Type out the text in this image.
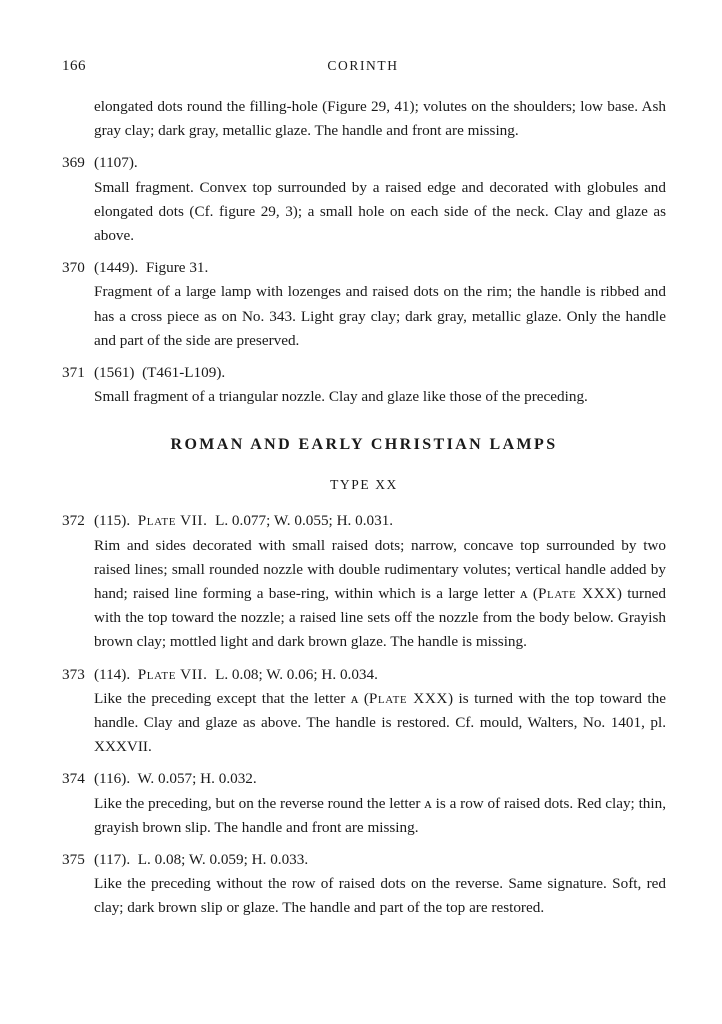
166	CORINTH

elongated dots round the filling-hole (Figure 29, 41); volutes on the shoulders; low base. Ash gray clay; dark gray, metallic glaze. The handle and front are missing.

369 (1107).

Small fragment. Convex top surrounded by a raised edge and decorated with globules and elongated dots (Cf. figure 29, 3); a small hole on each side of the neck. Clay and glaze as above.

370 (1449).  Figure 31.

Fragment of a large lamp with lozenges and raised dots on the rim; the handle is ribbed and has a cross piece as on No. 343. Light gray clay; dark gray, metallic glaze. Only the handle and part of the side are preserved.

371 (1561)  (T461-L109).

Small fragment of a triangular nozzle. Clay and glaze like those of the preceding.

ROMAN AND EARLY CHRISTIAN LAMPS
TYPE XX
372 (115).  Plate VII.  L. 0.077; W. 0.055; H. 0.031.

Rim and sides decorated with small raised dots; narrow, concave top surrounded by two raised lines; small rounded nozzle with double rudimentary volutes; vertical handle added by hand; raised line forming a base-ring, within which is a large letter ᴀ (Plate XXX) turned with the top toward the nozzle; a raised line sets off the nozzle from the body below. Grayish brown clay; mottled light and dark brown glaze. The handle is missing.

373 (114).  Plate VII.  L. 0.08; W. 0.06; H. 0.034.

Like the preceding except that the letter ᴀ (Plate XXX) is turned with the top toward the handle. Clay and glaze as above. The handle is restored. Cf. mould, Walters, No. 1401, pl. XXXVII.

374 (116).  W. 0.057; H. 0.032.

Like the preceding, but on the reverse round the letter ᴀ is a row of raised dots. Red clay; thin, grayish brown slip. The handle and front are missing.

375 (117).  L. 0.08; W. 0.059; H. 0.033.

Like the preceding without the row of raised dots on the reverse. Same signature. Soft, red clay; dark brown slip or glaze. The handle and part of the top are restored.
